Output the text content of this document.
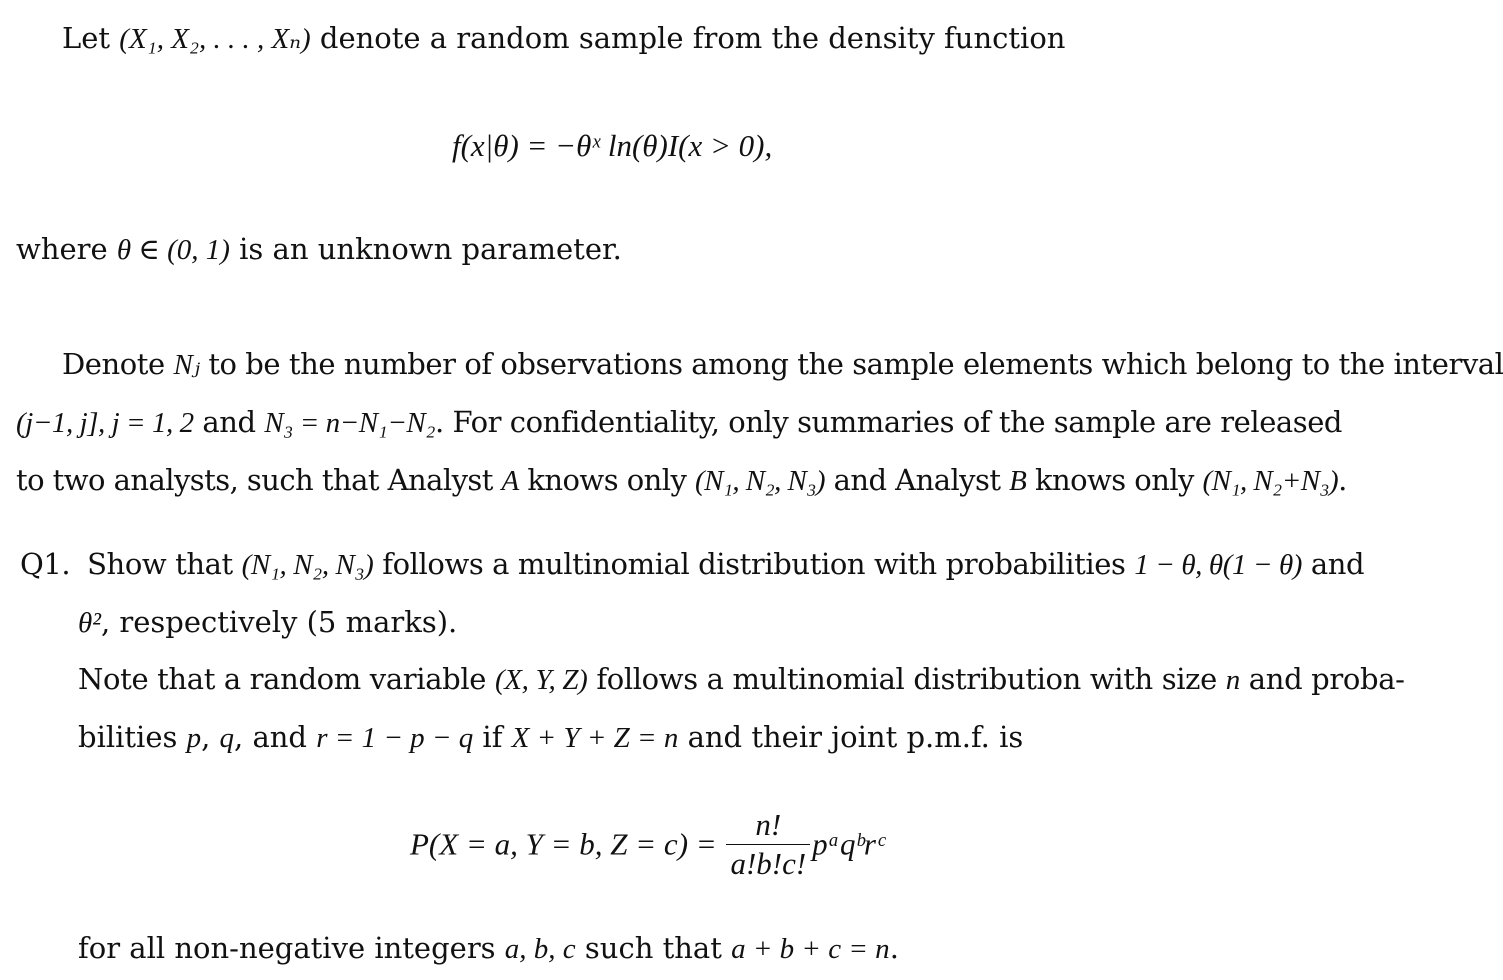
Let (X₁, X₂, . . . , Xₙ) denote a random sample from the density function
f(x|θ) = −θˣ ln(θ)I(x > 0),
where θ ∈ (0, 1) is an unknown parameter.
Denote Nⱼ to be the number of observations among the sample elements which belong to the interval
(j−1, j], j = 1, 2 and N₃ = n−N₁−N₂. For confidentiality, only summaries of the sample are released
to two analysts, such that Analyst A knows only (N₁, N₂, N₃) and Analyst B knows only (N₁, N₂+N₃).
Q1. Show that (N₁, N₂, N₃) follows a multinomial distribution with probabilities 1 − θ, θ(1 − θ) and
θ², respectively (5 marks).
Note that a random variable (X, Y, Z) follows a multinomial distribution with size n and proba-
bilities p, q, and r = 1 − p − q if X + Y + Z = n and their joint p.m.f. is
P(X = a, Y = b, $Z = c) = \frac{n!}{a!b!c!}$ pᵃqᵇrᶜ
for all non-negative integers a, b, c such that a + b + c = n.
